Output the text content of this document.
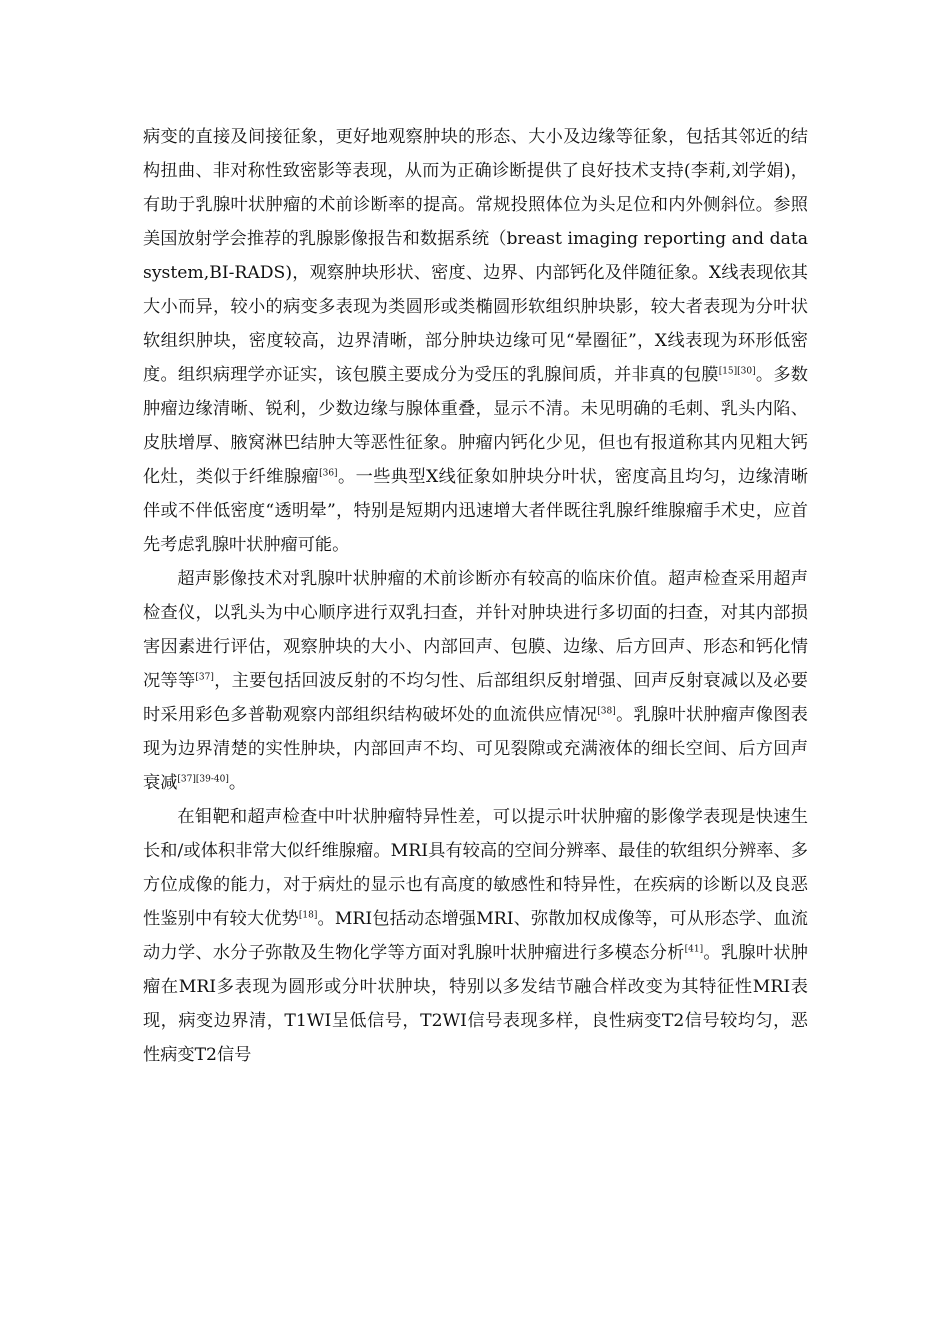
病变的直接及间接征象，更好地观察肿块的形态、大小及边缘等征象，包括其邻近的结构扭曲、非对称性致密影等表现，从而为正确诊断提供了良好技术支持(李莉,刘学娟)，有助于乳腺叶状肿瘤的术前诊断率的提高。常规投照体位为头足位和内外侧斜位。参照美国放射学会推荐的乳腺影像报告和数据系统（breast imaging reporting and data system,BI-RADS)，观察肿块形状、密度、边界、内部钙化及伴随征象。X线表现依其大小而异，较小的病变多表现为类圆形或类椭圆形软组织肿块影，较大者表现为分叶状软组织肿块，密度较高，边界清晰，部分肿块边缘可见“晕圈征”，X线表现为环形低密度。组织病理学亦证实，该包膜主要成分为受压的乳腺间质，并非真的包膜[15][30]。多数肿瘤边缘清晰、锐利，少数边缘与腺体重叠，显示不清。未见明确的毛刺、乳头内陷、皮肤增厚、腋窝淋巴结肿大等恶性征象。肿瘤内钙化少见，但也有报道称其内见粗大钙化灶，类似于纤维腺瘤[36]。一些典型X线征象如肿块分叶状，密度高且均匀，边缘清晰伴或不伴低密度“透明晕”，特别是短期内迅速增大者伴既往乳腺纤维腺瘤手术史，应首先考虑乳腺叶状肿瘤可能。

超声影像技术对乳腺叶状肿瘤的术前诊断亦有较高的临床价值。超声检查采用超声检查仪，以乳头为中心顺序进行双乳扫查，并针对肿块进行多切面的扫查，对其内部损害因素进行评估，观察肿块的大小、内部回声、包膜、边缘、后方回声、形态和钙化情况等等[37]，主要包括回波反射的不均匀性、后部组织反射增强、回声反射衰减以及必要时采用彩色多普勒观察内部组织结构破坏处的血流供应情况[38]。乳腺叶状肿瘤声像图表现为边界清楚的实性肿块，内部回声不均、可见裂隙或充满液体的细长空间、后方回声衰减[37][39-40]。

在钼靶和超声检查中叶状肿瘤特异性差，可以提示叶状肿瘤的影像学表现是快速生长和/或体积非常大似纤维腺瘤。MRI具有较高的空间分辨率、最佳的软组织分辨率、多方位成像的能力，对于病灶的显示也有高度的敏感性和特异性，在疾病的诊断以及良恶性鉴别中有较大优势[18]。MRI包括动态增强MRI、弥散加权成像等，可从形态学、血流动力学、水分子弥散及生物化学等方面对乳腺叶状肿瘤进行多模态分析[41]。乳腺叶状肿瘤在MRI多表现为圆形或分叶状肿块，特别以多发结节融合样改变为其特征性MRI表现，病变边界清，T1WI呈低信号，T2WI信号表现多样，良性病变T2信号较均匀，恶性病变T2信号
